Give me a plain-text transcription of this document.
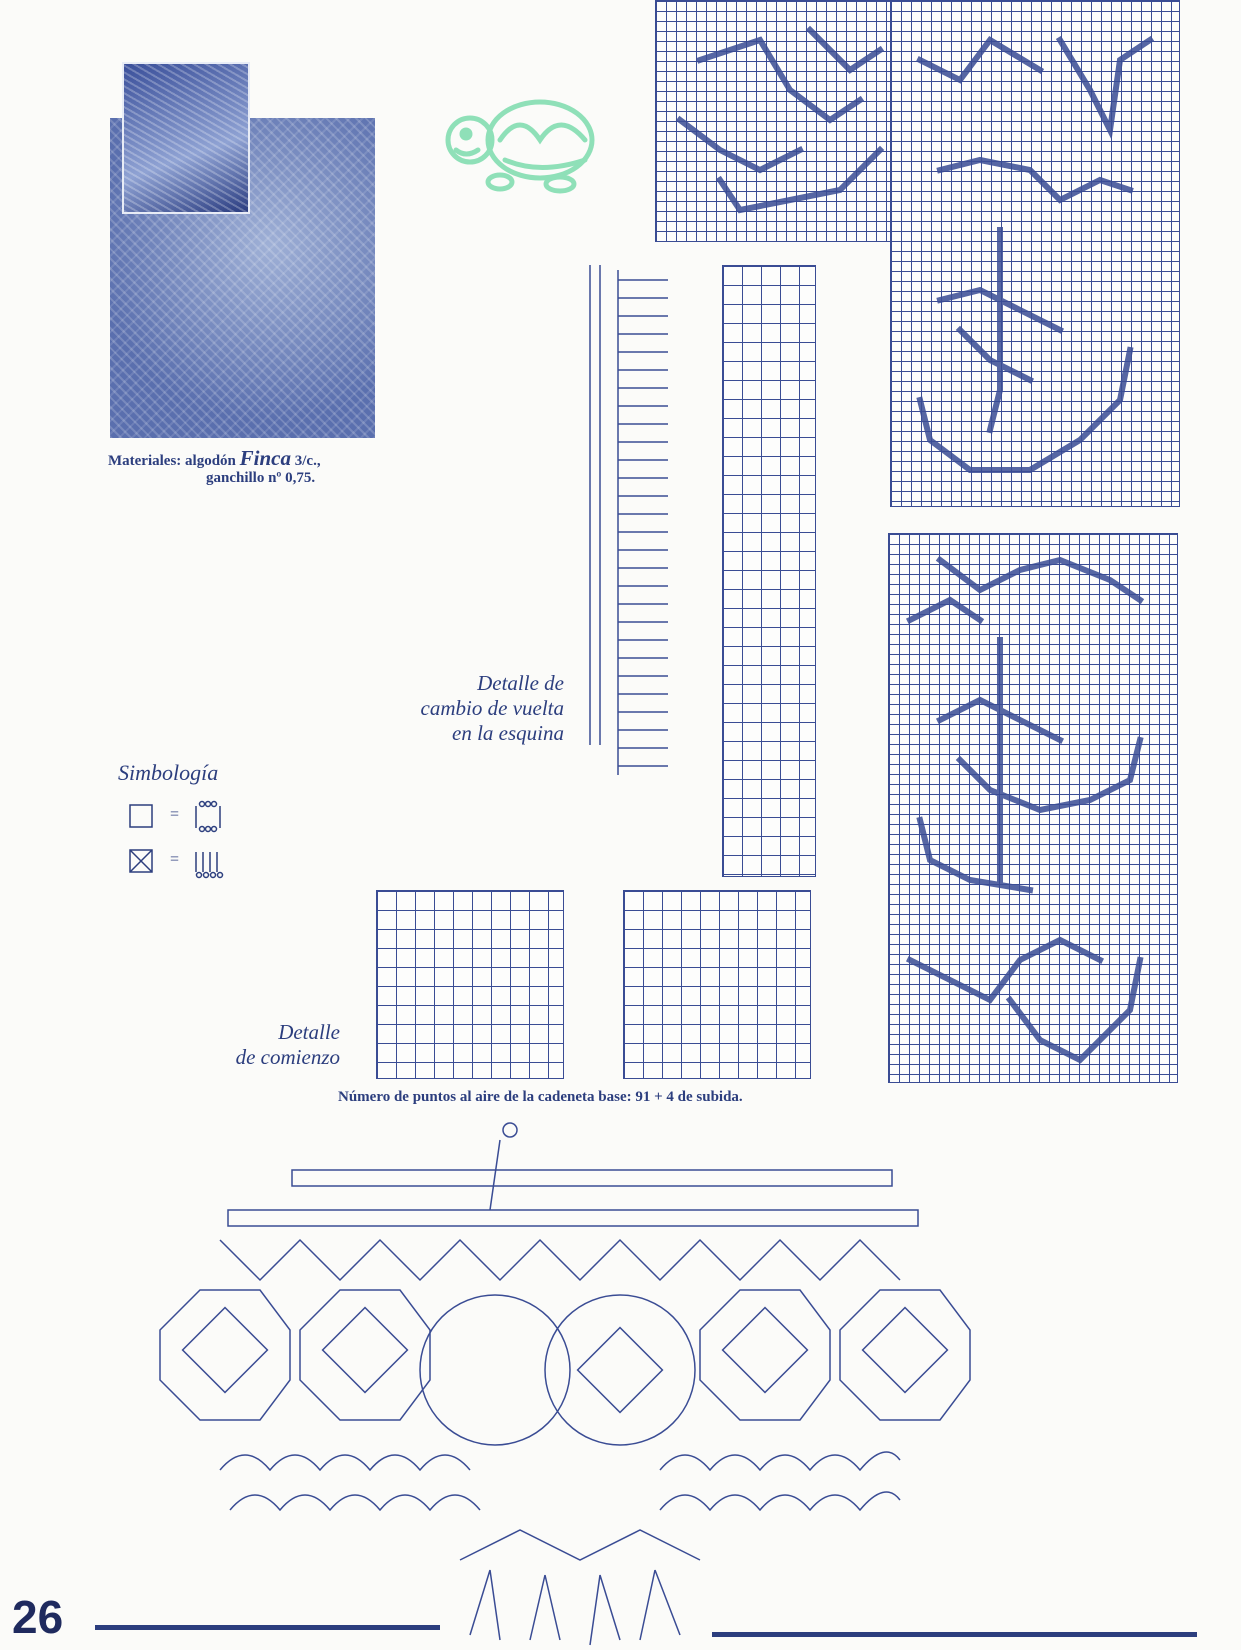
Materiales: algodón Finca 3/c.,
ganchillo nº 0,75.
Detalle de
cambio de vuelta
en la esquina
Detalle
de comienzo
Simbología
=
=
Número de puntos al aire de la cadeneta base: 91 + 4 de subida.
26
